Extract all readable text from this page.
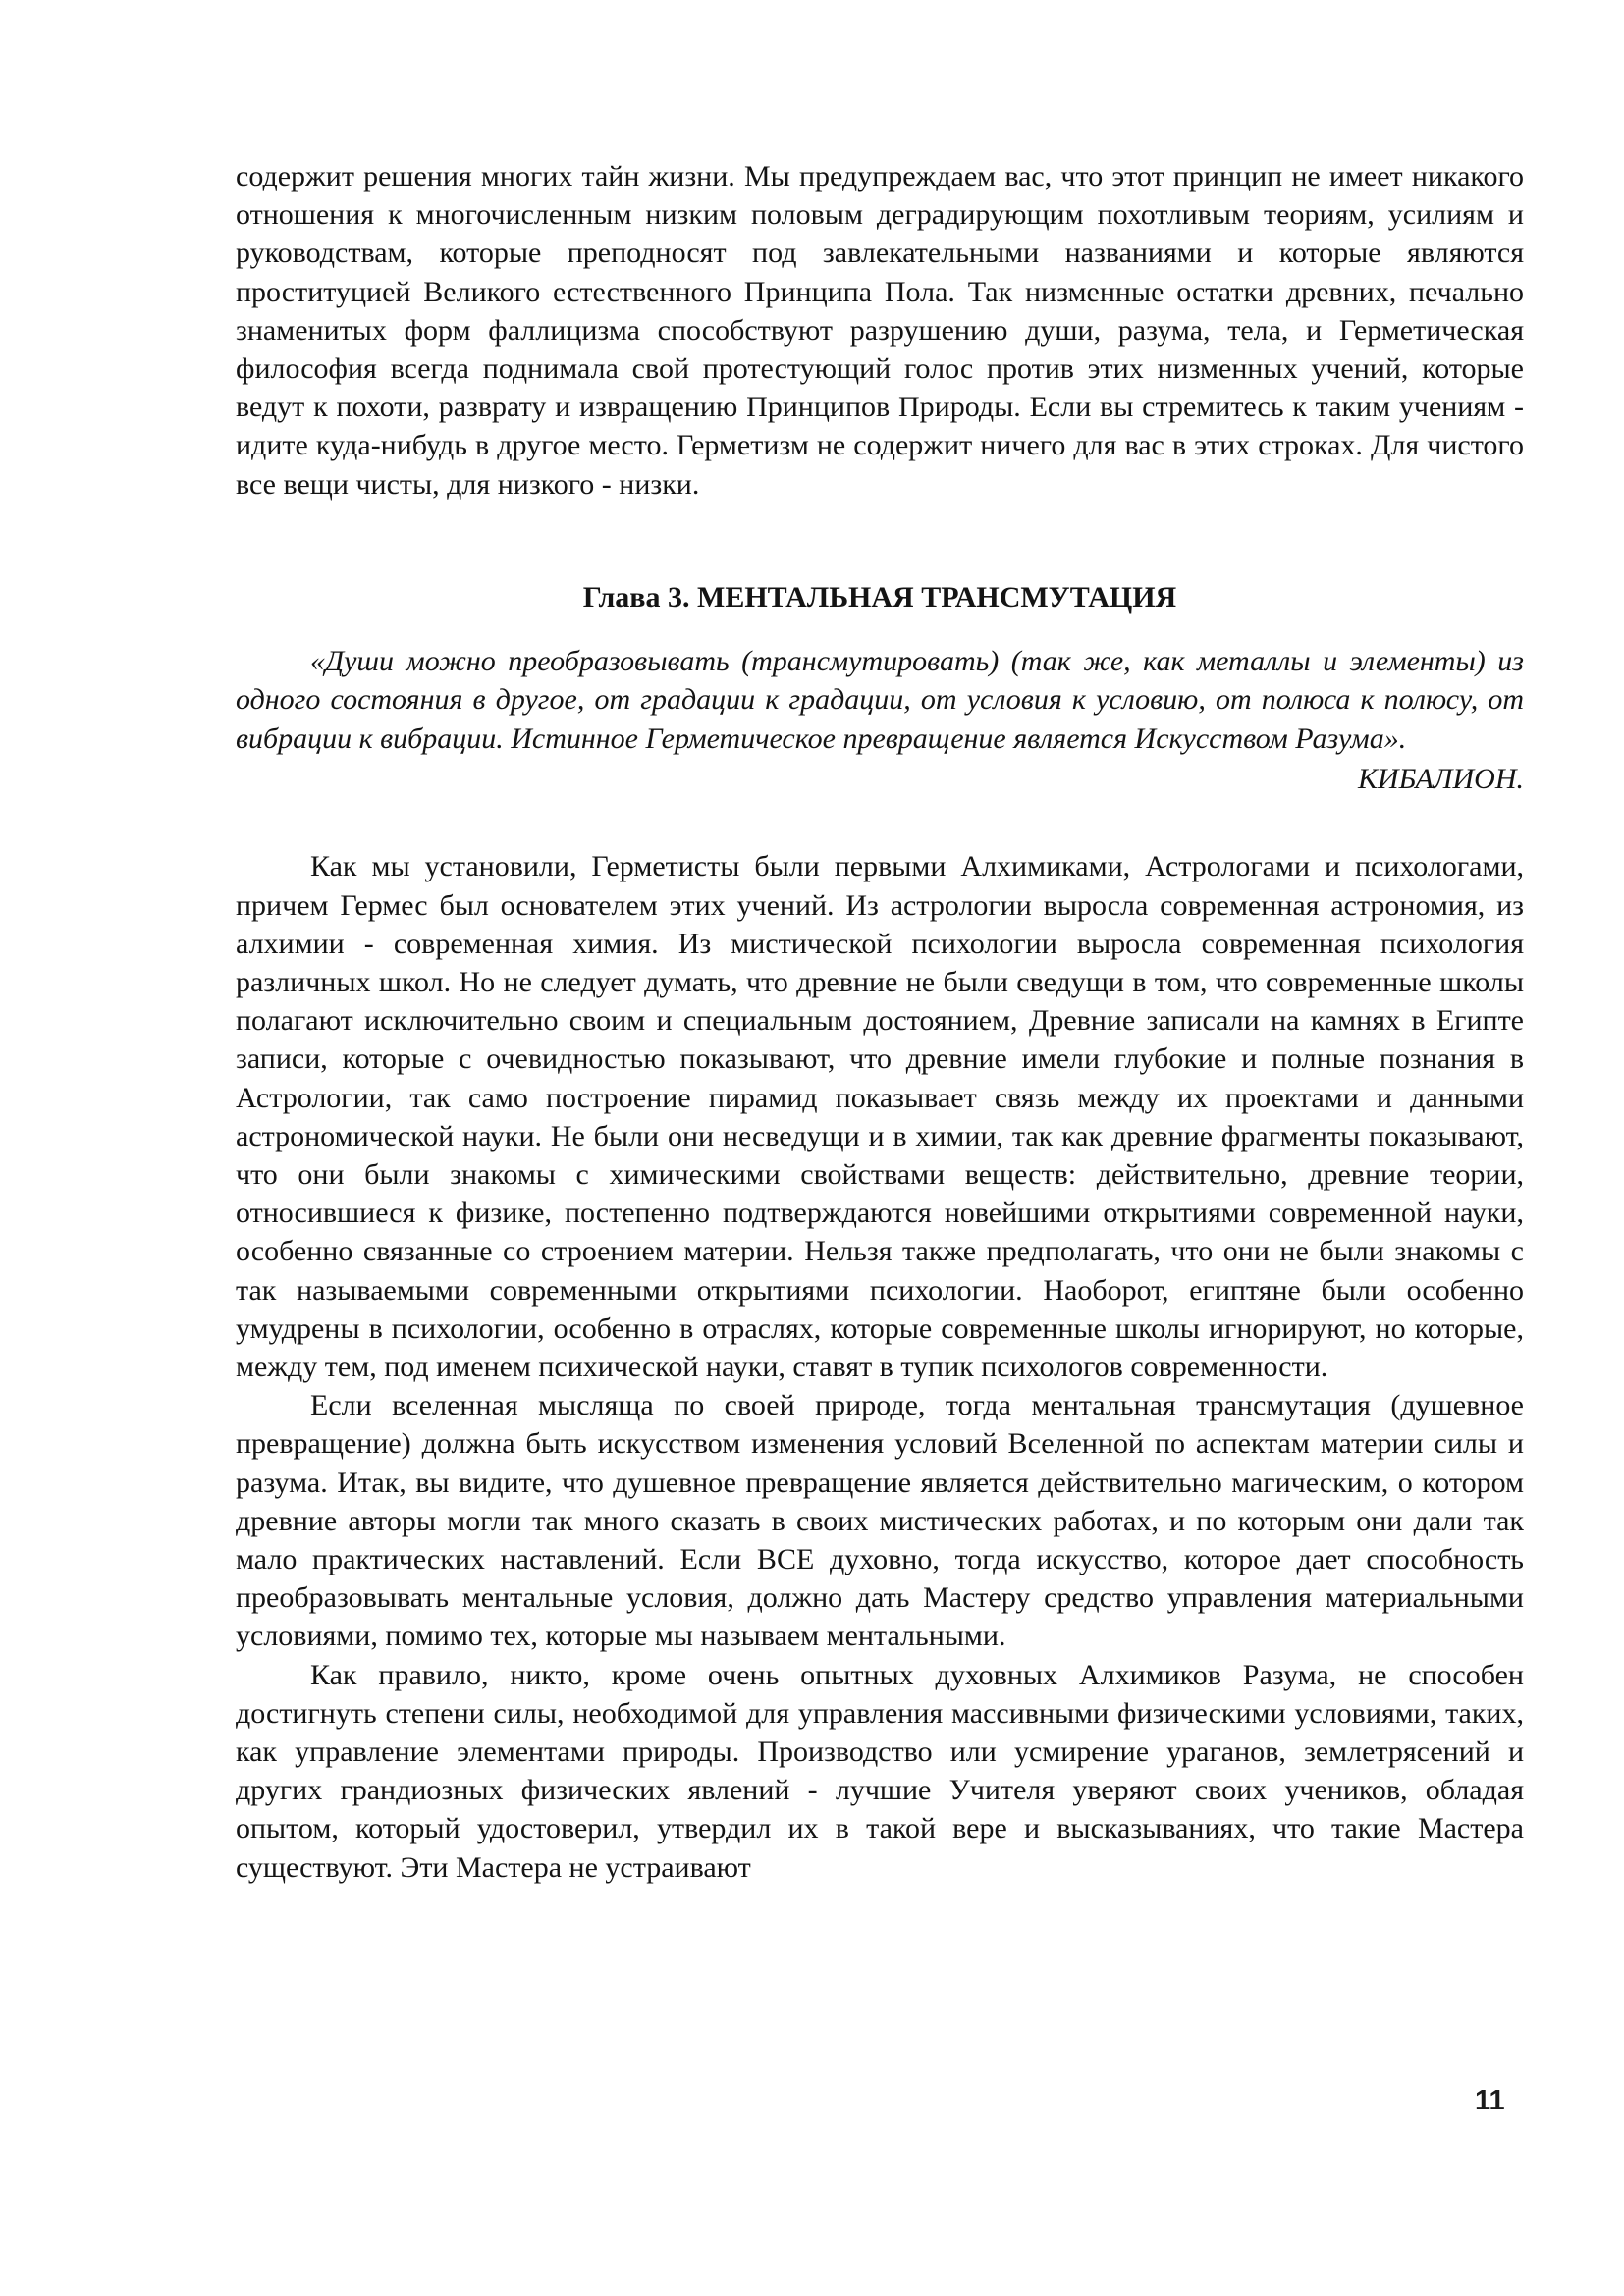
содержит решения многих тайн жизни. Мы предупреждаем вас, что этот принцип не имеет никакого отношения к многочисленным низким половым деградирующим похотливым теориям, усилиям и руководствам, которые преподносят под завлекательными названиями и которые являются проституцией Великого естественного Принципа Пола. Так низменные остатки древних, печально знаменитых форм фаллицизма способствуют разрушению души, разума, тела, и Герметическая философия всегда поднимала свой протестующий голос против этих низменных учений, которые ведут к похоти, разврату и извращению Принципов Природы. Если вы стремитесь к таким учениям - идите куда-нибудь в другое место. Герметизм не содержит ничего для вас в этих строках. Для чистого все вещи чисты, для низкого - низки.

Глава 3. МЕНТАЛЬНАЯ ТРАНСМУТАЦИЯ

«Души можно преобразовывать (трансмутировать) (так же, как металлы и элементы) из одного состояния в другое, от градации к градации, от условия к условию, от полюса к полюсу, от вибрации к вибрации. Истинное Герметическое превращение является Искусством Разума».

КИБАЛИОН.

Как мы установили, Герметисты были первыми Алхимиками, Астрологами и психологами, причем Гермес был основателем этих учений. Из астрологии выросла современная астрономия, из алхимии - современная химия. Из мистической психологии выросла современная психология различных школ. Но не следует думать, что древние не были сведущи в том, что современные школы полагают исключительно своим и специальным достоянием, Древние записали на камнях в Египте записи, которые с очевидностью показывают, что древние имели глубокие и полные познания в Астрологии, так само построение пирамид показывает связь между их проектами и данными астрономической науки. Не были они несведущи и в химии, так как древние фрагменты показывают, что они были знакомы с химическими свойствами веществ: действительно, древние теории, относившиеся к физике, постепенно подтверждаются новейшими открытиями современной науки, особенно связанные со строением материи. Нельзя также предполагать, что они не были знакомы с так называемыми современными открытиями психологии. Наоборот, египтяне были особенно умудрены в психологии, особенно в отраслях, которые современные школы игнорируют, но которые, между тем, под именем психической науки, ставят в тупик психологов современности.

Если вселенная мысляща по своей природе, тогда ментальная трансмутация (душевное превращение) должна быть искусством изменения условий Вселенной по аспектам материи силы и разума. Итак, вы видите, что душевное превращение является действительно магическим, о котором древние авторы могли так много сказать в своих мистических работах, и по которым они дали так мало практических наставлений. Если ВСЕ духовно, тогда искусство, которое дает способность преобразовывать ментальные условия, должно дать Мастеру средство управления материальными условиями, помимо тех, которые мы называем ментальными.

Как правило, никто, кроме очень опытных духовных Алхимиков Разума, не способен достигнуть степени силы, необходимой для управления массивными физическими условиями, таких, как управление элементами природы. Производство или усмирение ураганов, землетрясений и других грандиозных физических явлений - лучшие Учителя уверяют своих учеников, обладая опытом, который удостоверил, утвердил их в такой вере и высказываниях, что такие Мастера существуют. Эти Мастера не устраивают

11
